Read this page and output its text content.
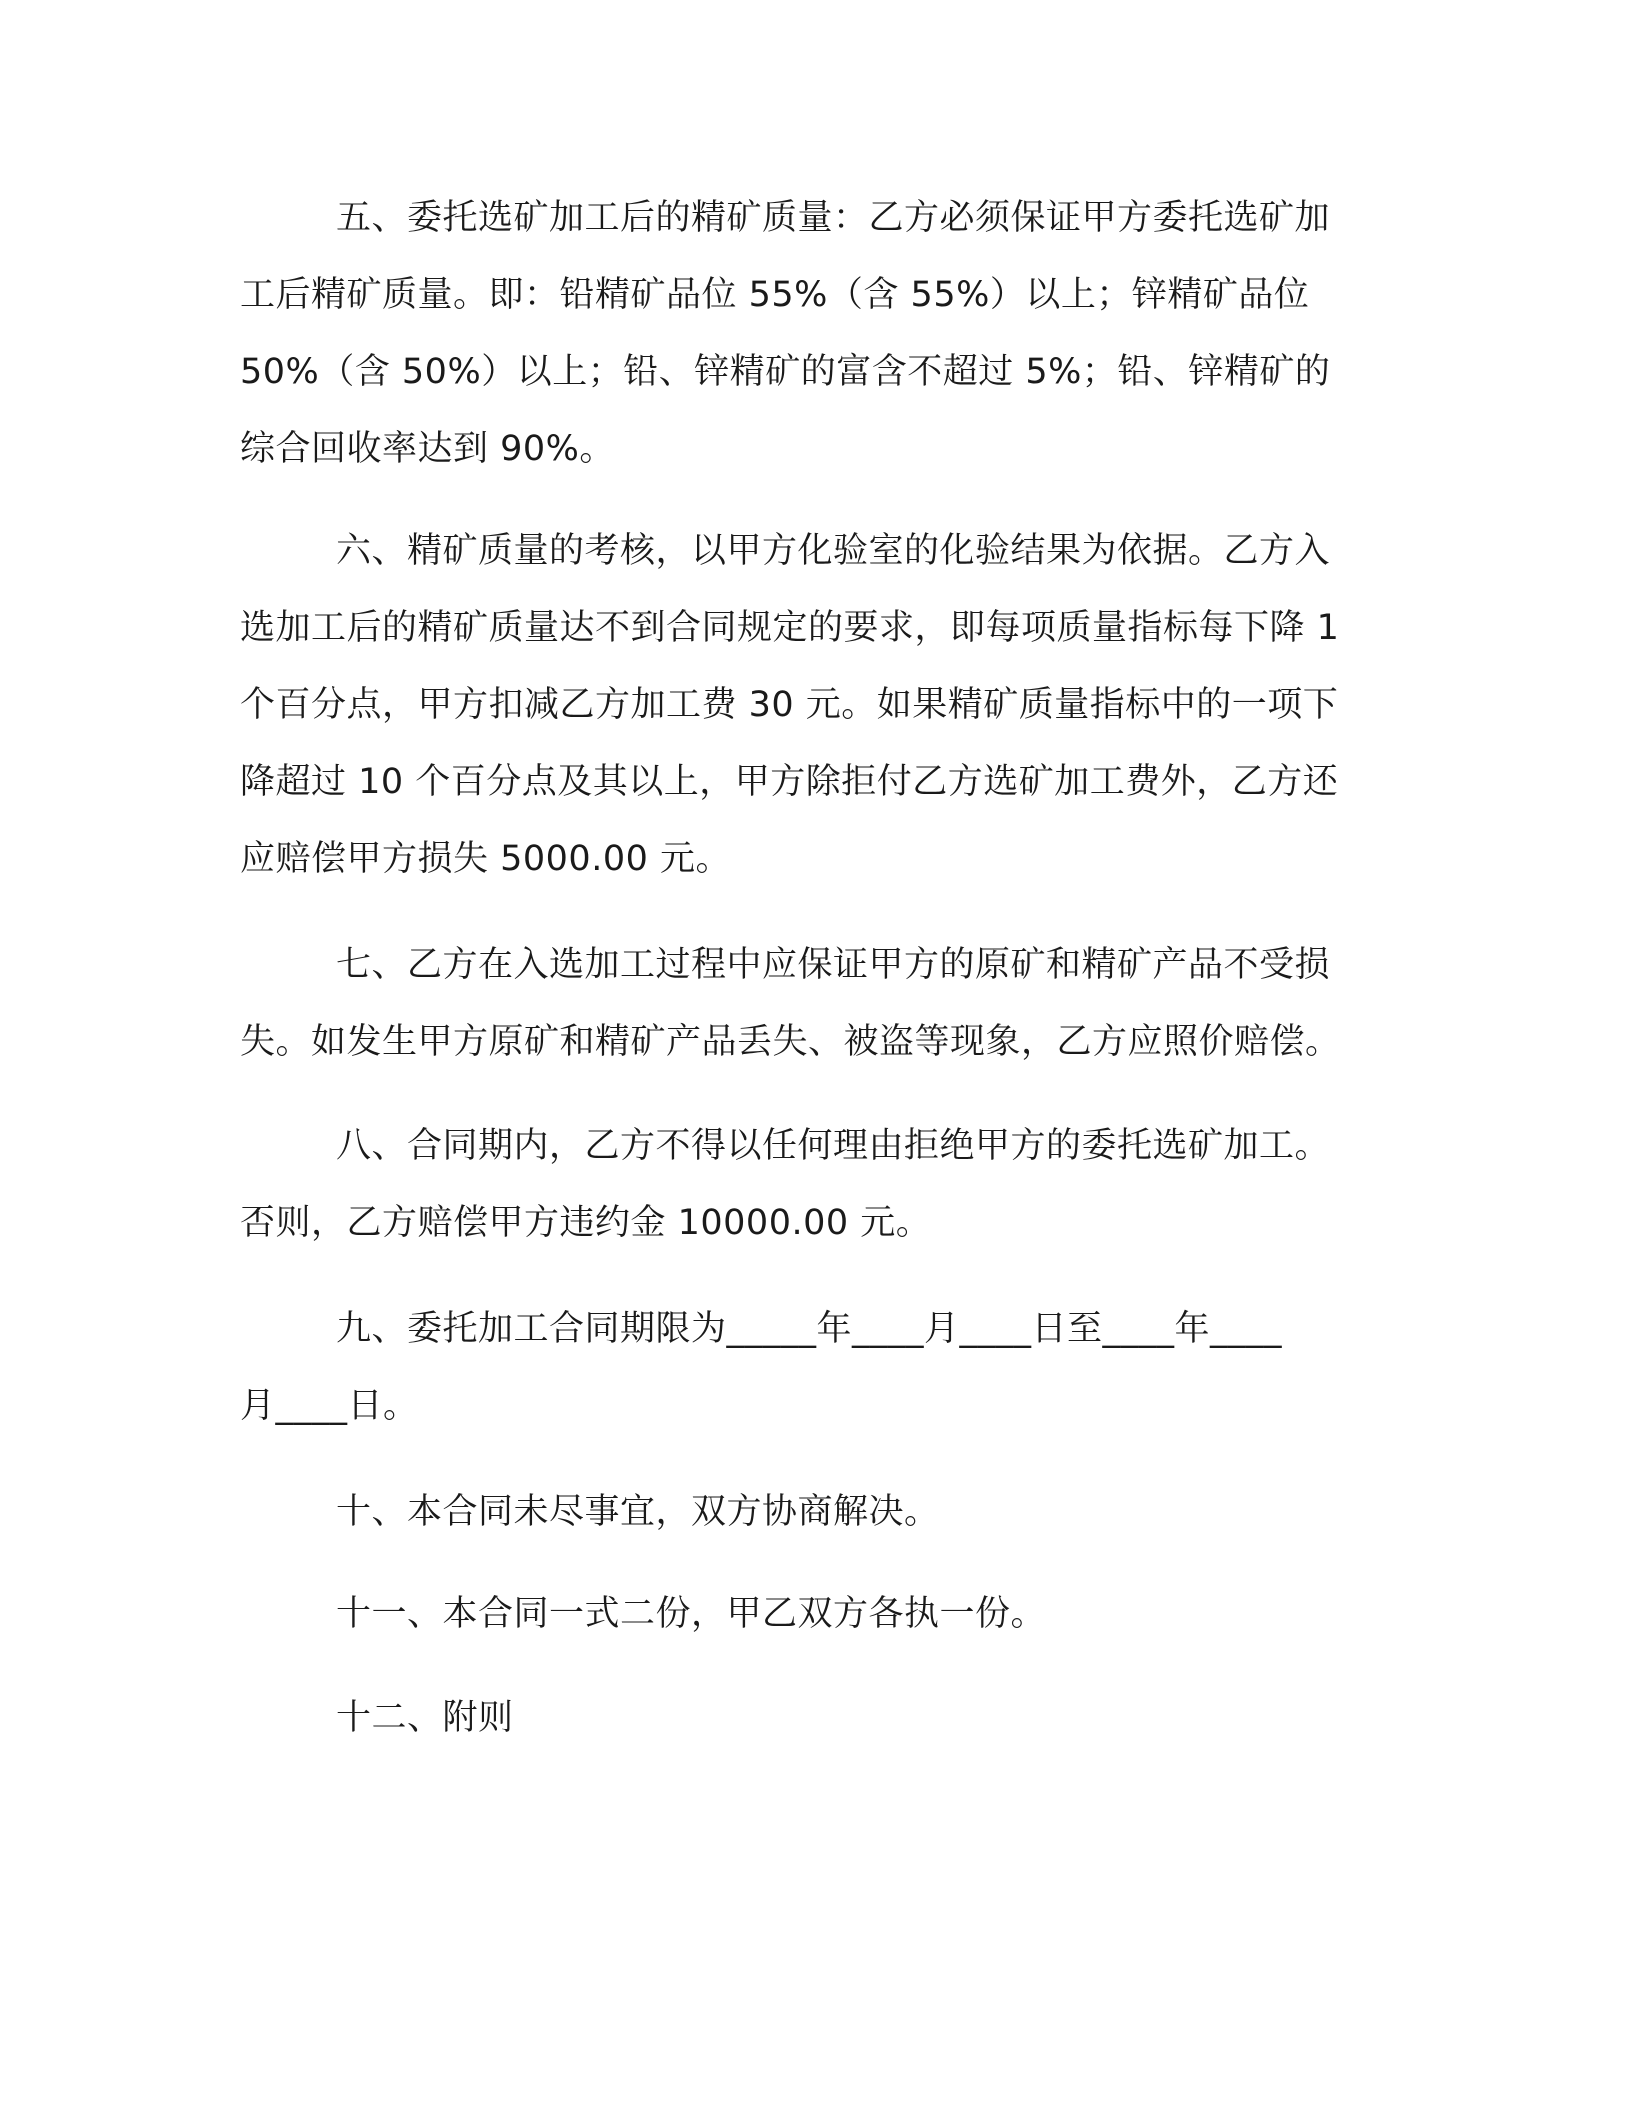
五、委托选矿加工后的精矿质量：乙方必须保证甲方委托选矿加
工后精矿质量。即：铅精矿品位 55%（含 55%）以上；锌精矿品位
50%（含 50%）以上；铅、锌精矿的富含不超过 5%；铅、锌精矿的
综合回收率达到 90%。
六、精矿质量的考核，以甲方化验室的化验结果为依据。乙方入
选加工后的精矿质量达不到合同规定的要求，即每项质量指标每下降 1
个百分点，甲方扣减乙方加工费 30 元。如果精矿质量指标中的一项下
降超过 10 个百分点及其以上，甲方除拒付乙方选矿加工费外，乙方还
应赔偿甲方损失 5000.00 元。
七、乙方在入选加工过程中应保证甲方的原矿和精矿产品不受损
失。如发生甲方原矿和精矿产品丢失、被盗等现象，乙方应照价赔偿。
八、合同期内，乙方不得以任何理由拒绝甲方的委托选矿加工。
否则，乙方赔偿甲方违约金 10000.00 元。
九、委托加工合同期限为_____年____月____日至____年____
月____日。
十、本合同未尽事宜，双方协商解决。
十一、本合同一式二份，甲乙双方各执一份。
十二、附则
